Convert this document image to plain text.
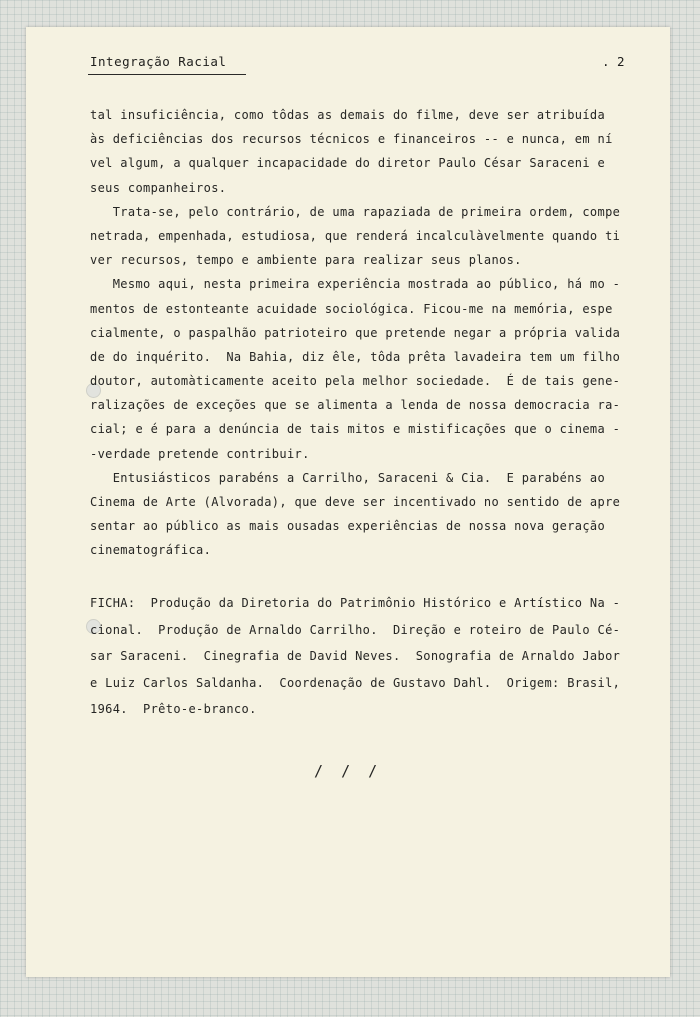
Integração Racial	. 2
tal insuficiência, como tôdas as demais do filme, deve ser atribuída
às deficiências dos recursos técnicos e financeiros -- e nunca, em ní
vel algum, a qualquer incapacidade do diretor Paulo César Saraceni e
seus companheiros.
Trata-se, pelo contrário, de uma rapaziada de primeira ordem, compe
netrada, empenhada, estudiosa, que renderá incalculàvelmente quando ti
ver recursos, tempo e ambiente para realizar seus planos.
Mesmo aqui, nesta primeira experiência mostrada ao público, há mo -
mentos de estonteante acuidade sociológica. Ficou-me na memória, espe
cialmente, o paspalhão patrioteiro que pretende negar a própria valida
de do inquérito.  Na Bahia, diz êle, tôda prêta lavadeira tem um filho
doutor, automàticamente aceito pela melhor sociedade.  É de tais gene-
ralizações de exceções que se alimenta a lenda de nossa democracia ra-
cial; e é para a denúncia de tais mitos e mistificações que o cinema -
-verdade pretende contribuir.
Entusiásticos parabéns a Carrilho, Saraceni & Cia.  E parabéns ao
Cinema de Arte (Alvorada), que deve ser incentivado no sentido de apre
sentar ao público as mais ousadas experiências de nossa nova geração
cinematográfica.
FICHA:  Produção da Diretoria do Patrimônio Histórico e Artístico Na -
cional.  Produção de Arnaldo Carrilho.  Direção e roteiro de Paulo Cé-
sar Saraceni.  Cinegrafia de David Neves.  Sonografia de Arnaldo Jabor
e Luiz Carlos Saldanha.  Coordenação de Gustavo Dahl.  Origem: Brasil,
1964.  Prêto-e-branco.
/  /  /
